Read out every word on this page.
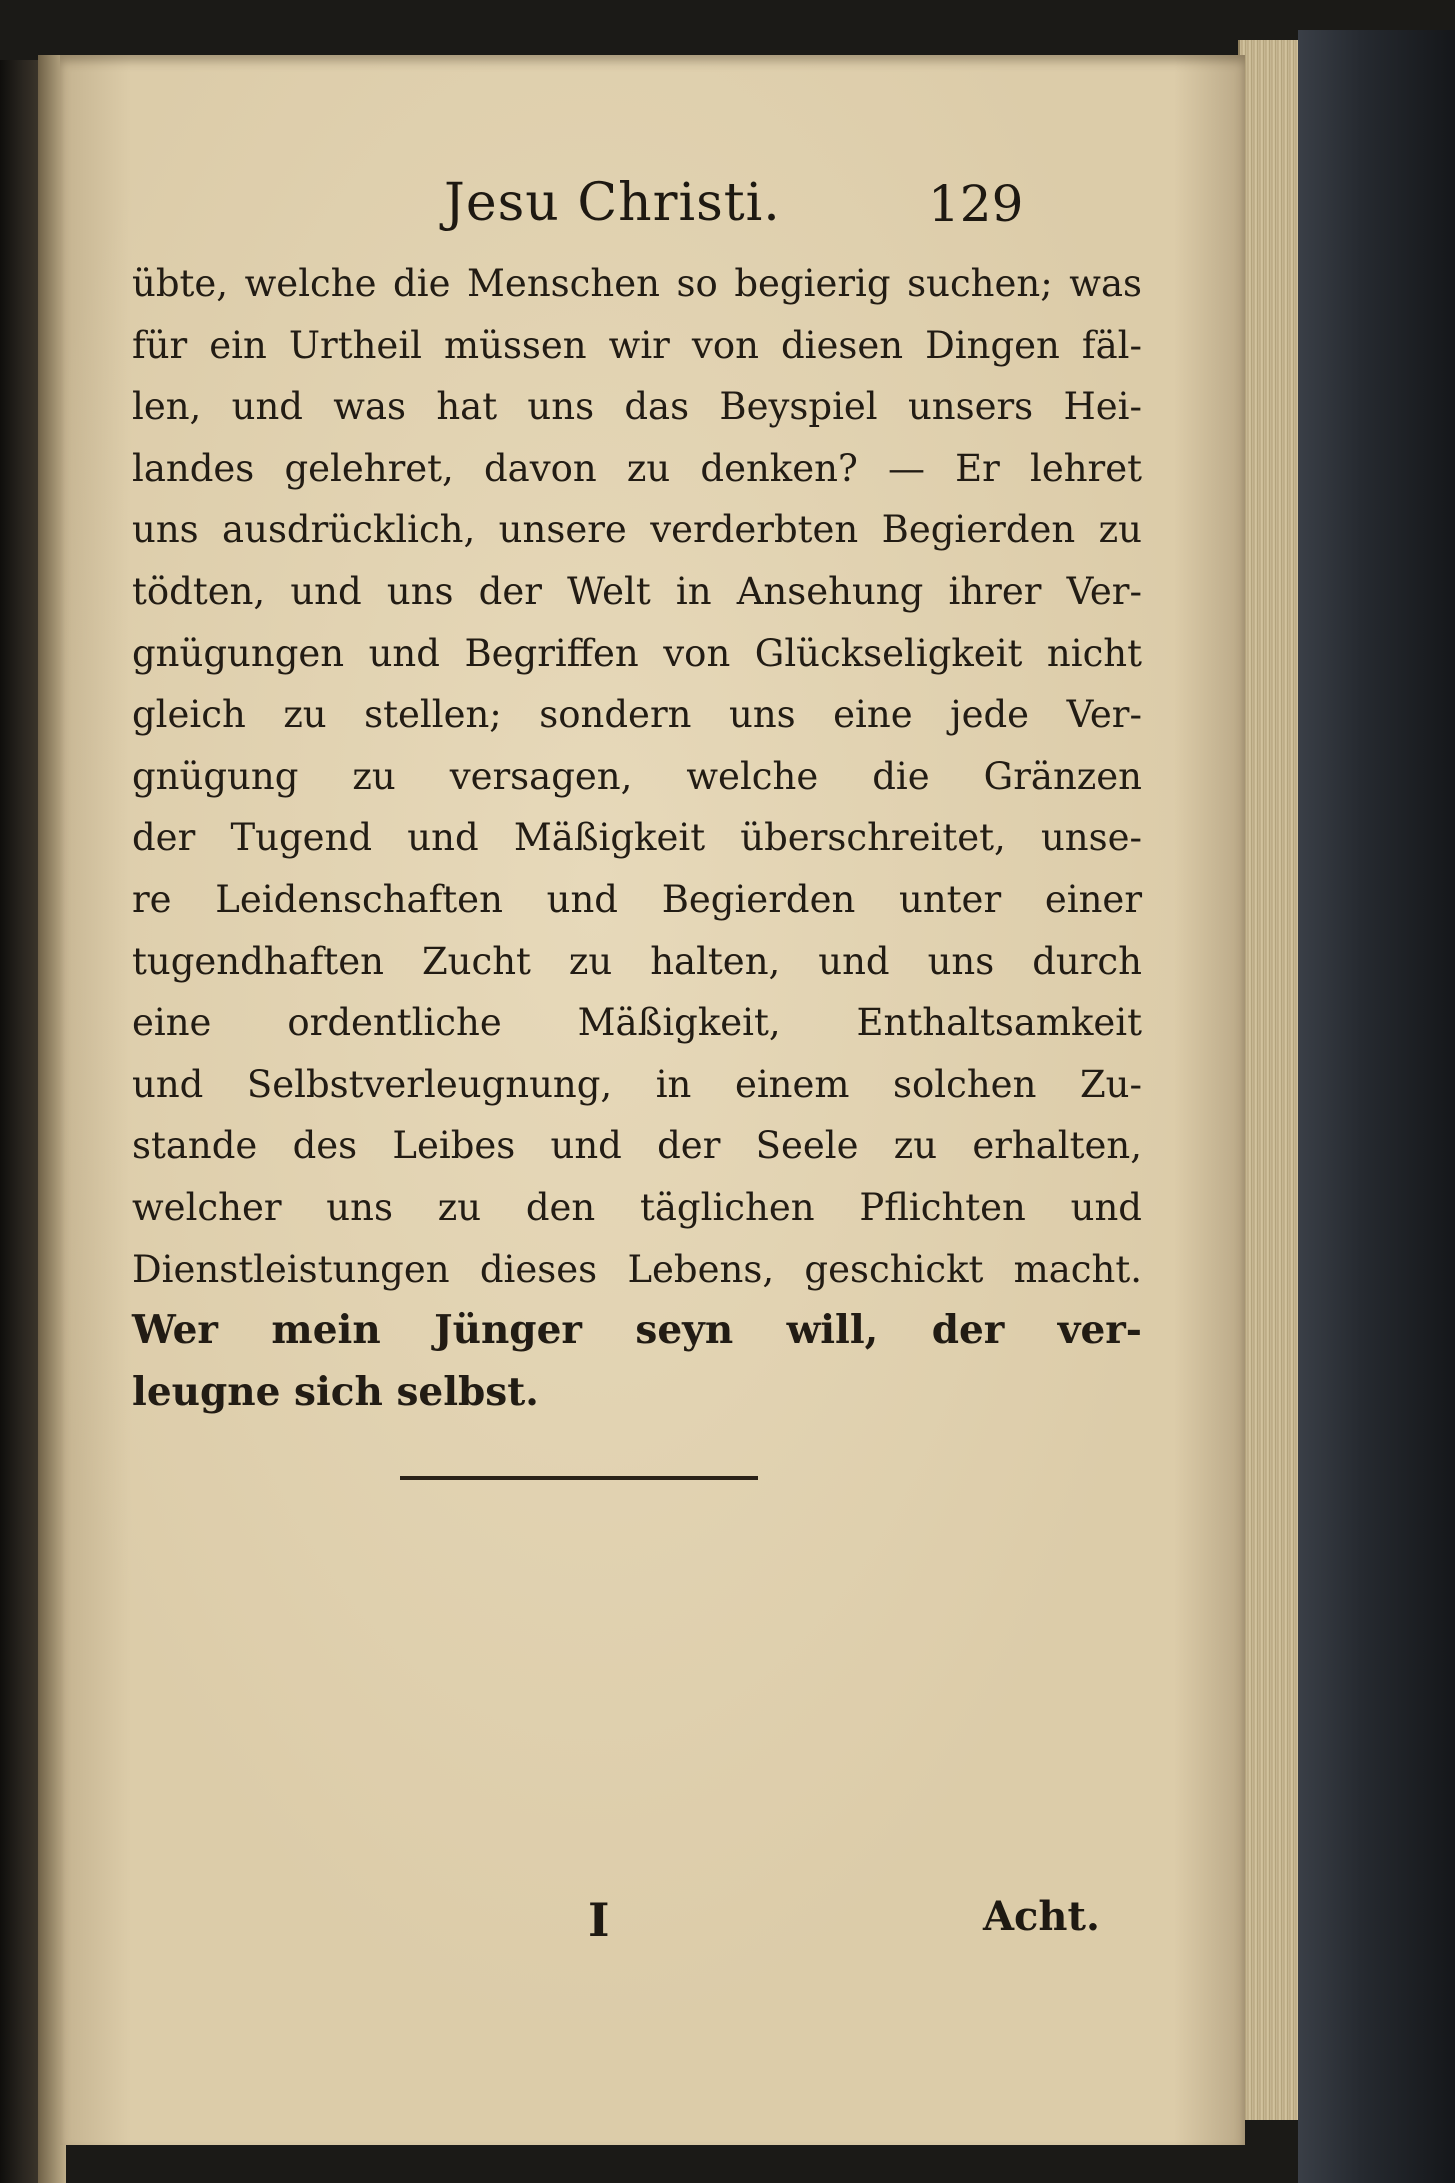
Jesu Christi.	129
übte, welche die Menschen so begierig suchen; was
für ein Urtheil müssen wir von diesen Dingen fäl-
len, und was hat uns das Beyspiel unsers Hei-
landes gelehret, davon zu denken? — Er lehret
uns ausdrücklich, unsere verderbten Begierden zu
tödten, und uns der Welt in Ansehung ihrer Ver-
gnügungen und Begriffen von Glückseligkeit nicht
gleich zu stellen; sondern uns eine jede Ver-
gnügung zu versagen, welche die Gränzen
der Tugend und Mäßigkeit überschreitet, unse-
re Leidenschaften und Begierden unter einer
tugendhaften Zucht zu halten, und uns durch
eine ordentliche Mäßigkeit, Enthaltsamkeit
und Selbstverleugnung, in einem solchen Zu-
stande des Leibes und der Seele zu erhalten,
welcher uns zu den täglichen Pflichten und
Dienstleistungen dieses Lebens, geschickt macht.
Wer mein Jünger seyn will, der ver-
leugne sich selbst.
I	Acht.
